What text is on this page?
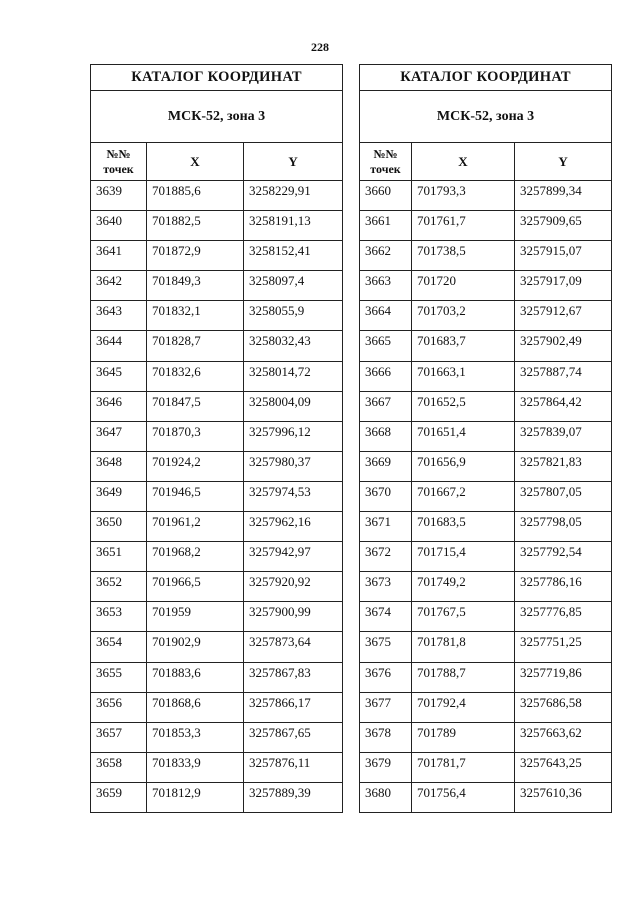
228
КАТАЛОГ КООРДИНАТ		
МСК-52, зона 3		
№№
точек	X	Y
3639	701885,6	3258229,91
3640	701882,5	3258191,13
3641	701872,9	3258152,41
3642	701849,3	3258097,4
3643	701832,1	3258055,9
3644	701828,7	3258032,43
3645	701832,6	3258014,72
3646	701847,5	3258004,09
3647	701870,3	3257996,12
3648	701924,2	3257980,37
3649	701946,5	3257974,53
3650	701961,2	3257962,16
3651	701968,2	3257942,97
3652	701966,5	3257920,92
3653	701959	3257900,99
3654	701902,9	3257873,64
3655	701883,6	3257867,83
3656	701868,6	3257866,17
3657	701853,3	3257867,65
3658	701833,9	3257876,11
3659	701812,9	3257889,39
КАТАЛОГ КООРДИНАТ		
МСК-52, зона 3		
№№
точек	X	Y
3660	701793,3	3257899,34
3661	701761,7	3257909,65
3662	701738,5	3257915,07
3663	701720	3257917,09
3664	701703,2	3257912,67
3665	701683,7	3257902,49
3666	701663,1	3257887,74
3667	701652,5	3257864,42
3668	701651,4	3257839,07
3669	701656,9	3257821,83
3670	701667,2	3257807,05
3671	701683,5	3257798,05
3672	701715,4	3257792,54
3673	701749,2	3257786,16
3674	701767,5	3257776,85
3675	701781,8	3257751,25
3676	701788,7	3257719,86
3677	701792,4	3257686,58
3678	701789	3257663,62
3679	701781,7	3257643,25
3680	701756,4	3257610,36
